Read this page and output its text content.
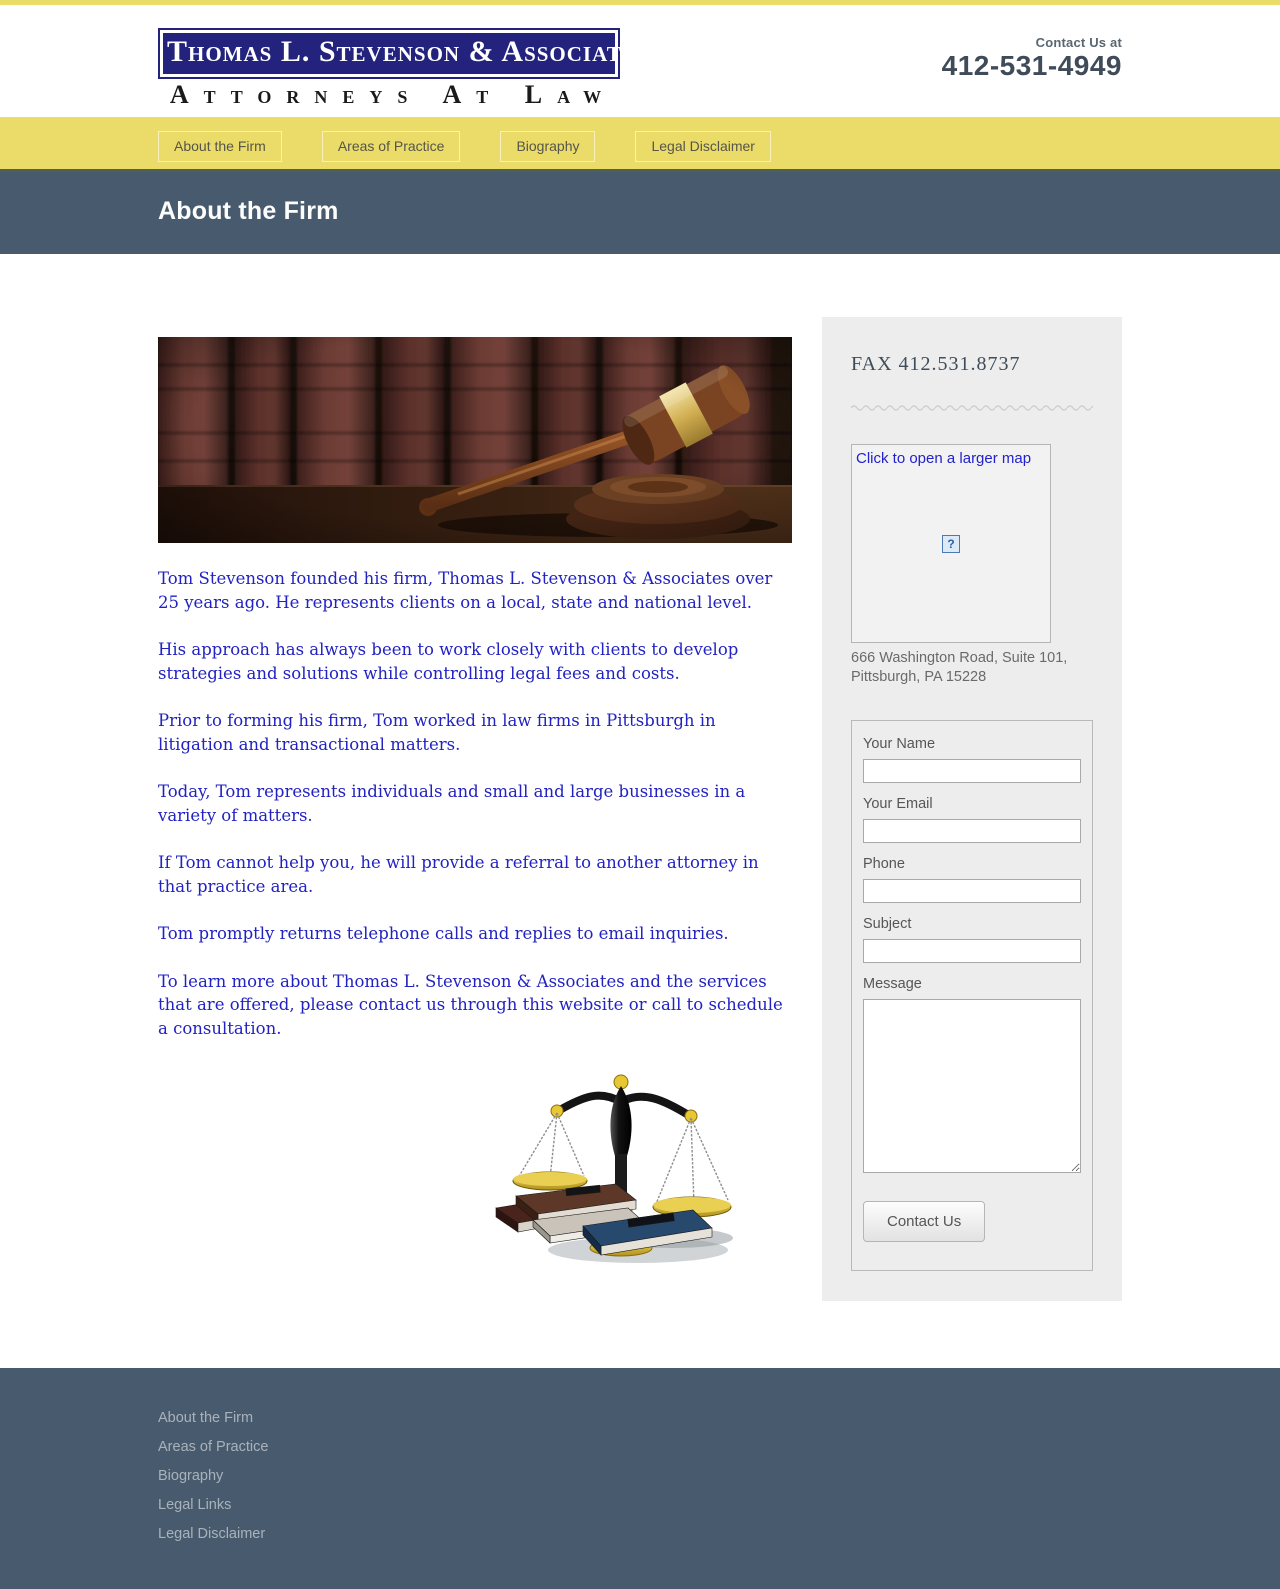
Thomas L. Stevenson & Associates
Attorneys At Law
Contact Us at
412-531-4949
About the Firm	Areas of Practice	Biography	Legal Disclaimer
About the Firm

Tom Stevenson founded his firm, Thomas L. Stevenson & Associates over 25 years ago. He represents clients on a local, state and national level.

His approach has always been to work closely with clients to develop strategies and solutions while controlling legal fees and costs.

Prior to forming his firm, Tom worked in law firms in Pittsburgh in litigation and transactional matters.

Today, Tom represents individuals and small and large businesses in a variety of matters.

If Tom cannot help you, he will provide a referral to another attorney in that practice area.

Tom promptly returns telephone calls and replies to email inquiries.

To learn more about Thomas L. Stevenson & Associates and the services that are offered, please contact us through this website or call to schedule a consultation.

FAX 412.531.8737
Click to open a larger map
?
666 Washington Road, Suite 101,
Pittsburgh, PA 15228
Your Name
Your Email
Phone
Subject
Message
Contact Us
About the Firm
Areas of Practice
Biography
Legal Links
Legal Disclaimer
